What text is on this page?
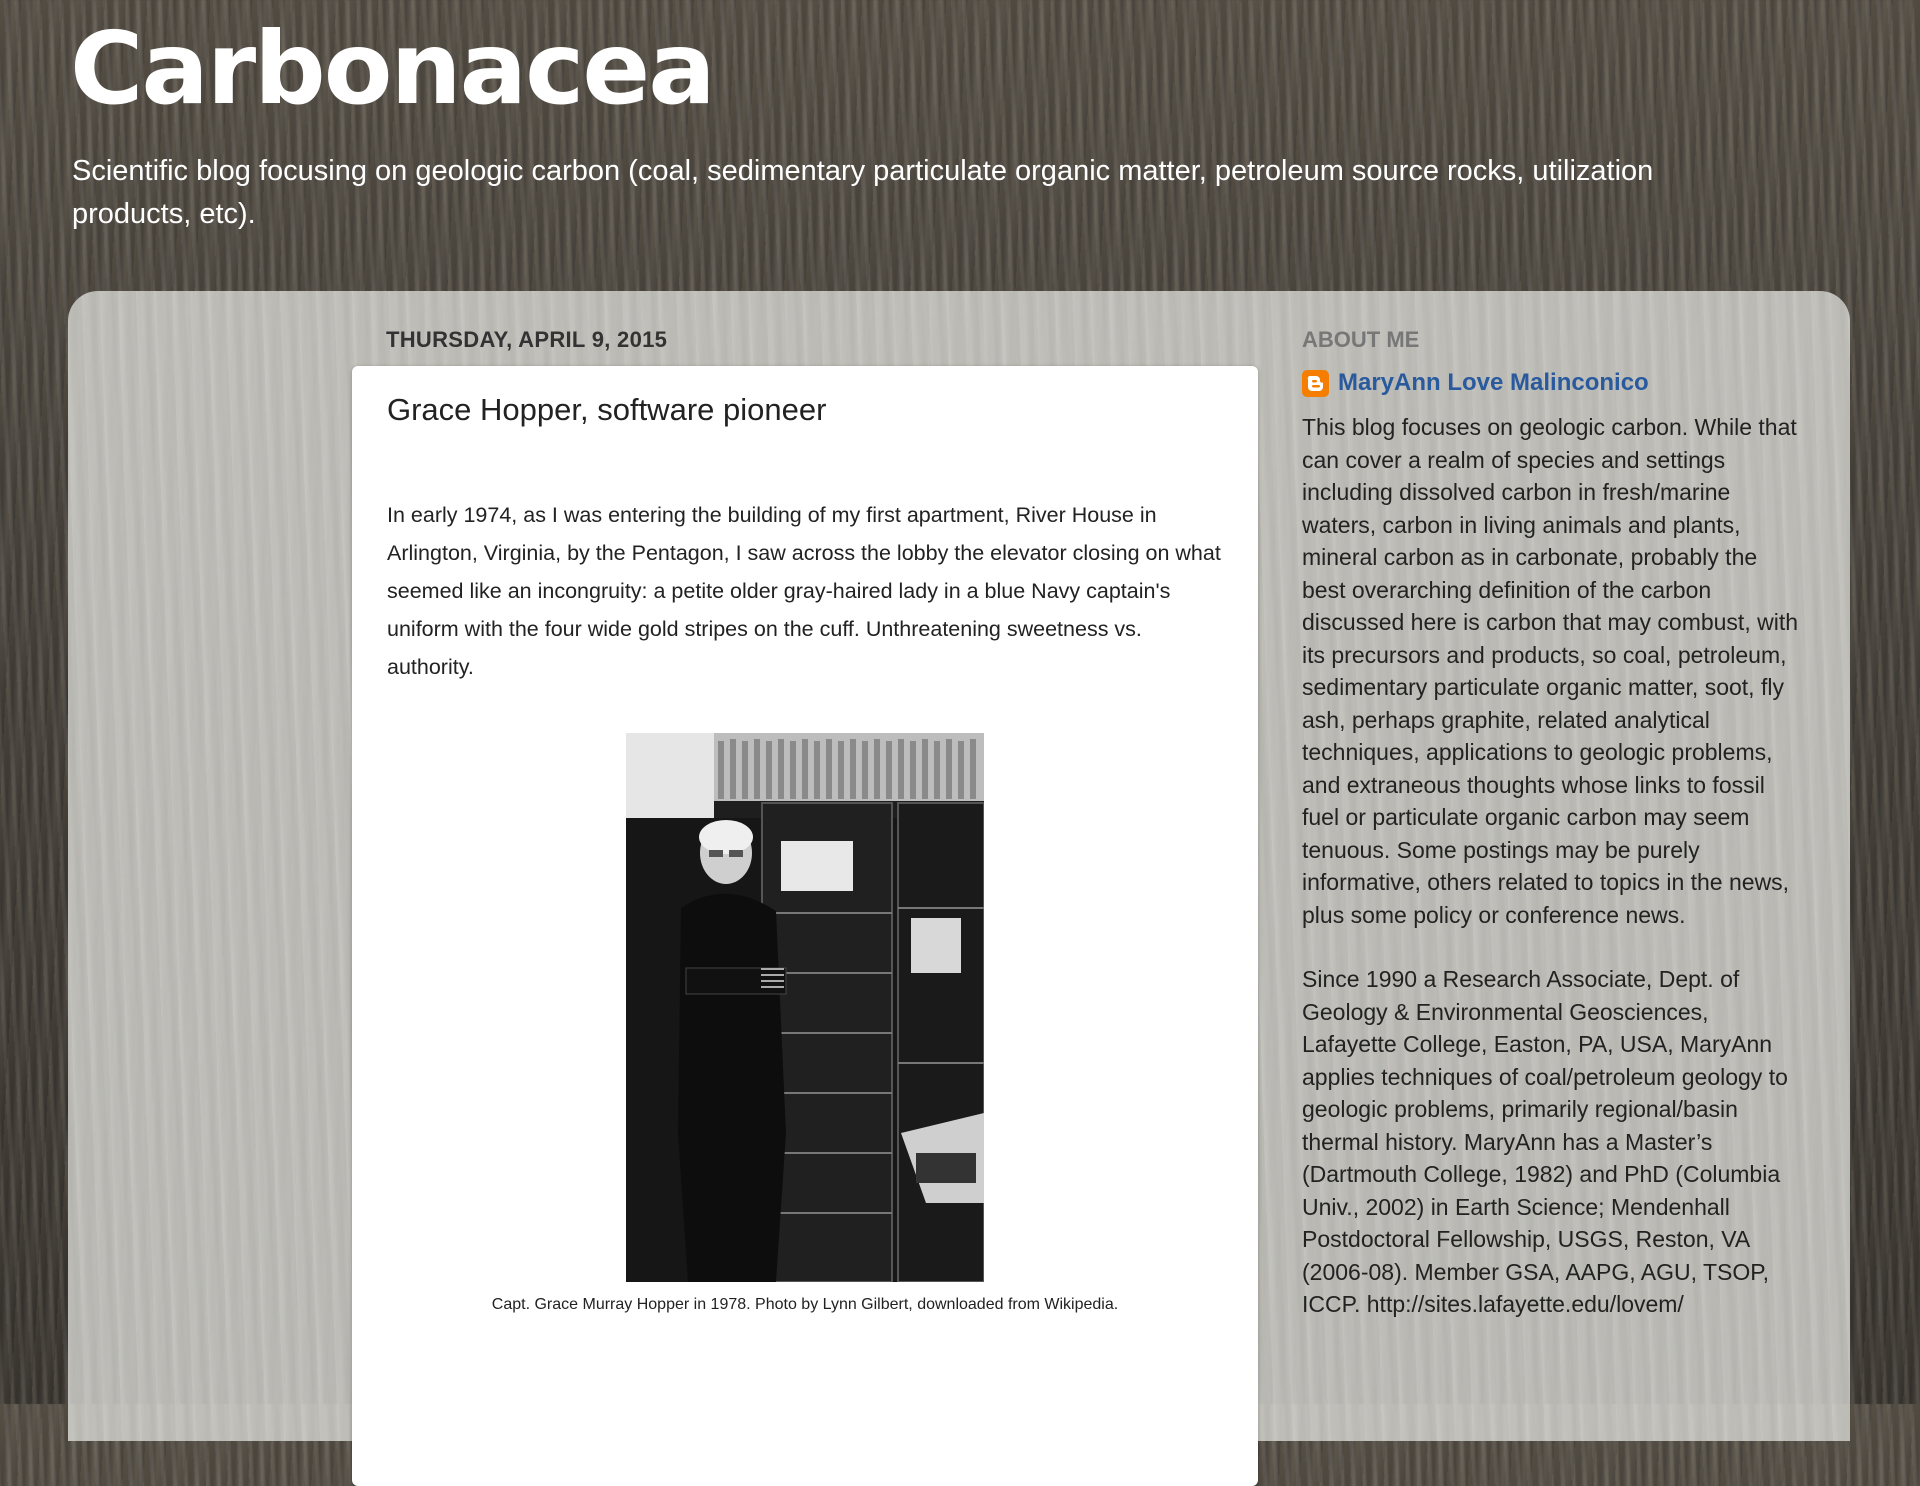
Carbonacea

Scientific blog focusing on geologic carbon (coal, sedimentary particulate organic matter, petroleum source rocks, utilization products, etc).

THURSDAY, APRIL 9, 2015
Grace Hopper, software pioneer

In early 1974, as I was entering the building of my first apartment, River House in Arlington, Virginia, by the Pentagon, I saw across the lobby the elevator closing on what seemed like an incongruity: a petite older gray-haired lady in a blue Navy captain's uniform with the four wide gold stripes on the cuff. Unthreatening sweetness vs. authority.

Capt. Grace Murray Hopper in 1978. Photo by Lynn Gilbert, downloaded from Wikipedia.

ABOUT ME
MaryAnn Love Malinconico

This blog focuses on geologic carbon. While that can cover a realm of species and settings including dissolved carbon in fresh/marine waters, carbon in living animals and plants, mineral carbon as in carbonate, probably the best overarching definition of the carbon discussed here is carbon that may combust, with its precursors and products, so coal, petroleum, sedimentary particulate organic matter, soot, fly ash, perhaps graphite, related analytical techniques, applications to geologic problems, and extraneous thoughts whose links to fossil fuel or particulate organic carbon may seem tenuous. Some postings may be purely informative, others related to topics in the news, plus some policy or conference news.

Since 1990 a Research Associate, Dept. of Geology & Environmental Geosciences, Lafayette College, Easton, PA, USA, MaryAnn applies techniques of coal/petroleum geology to geologic problems, primarily regional/basin thermal history. MaryAnn has a Master’s (Dartmouth College, 1982) and PhD (Columbia Univ., 2002) in Earth Science; Mendenhall Postdoctoral Fellowship, USGS, Reston, VA (2006-08). Member GSA, AAPG, AGU, TSOP, ICCP. http://sites.lafayette.edu/lovem/
